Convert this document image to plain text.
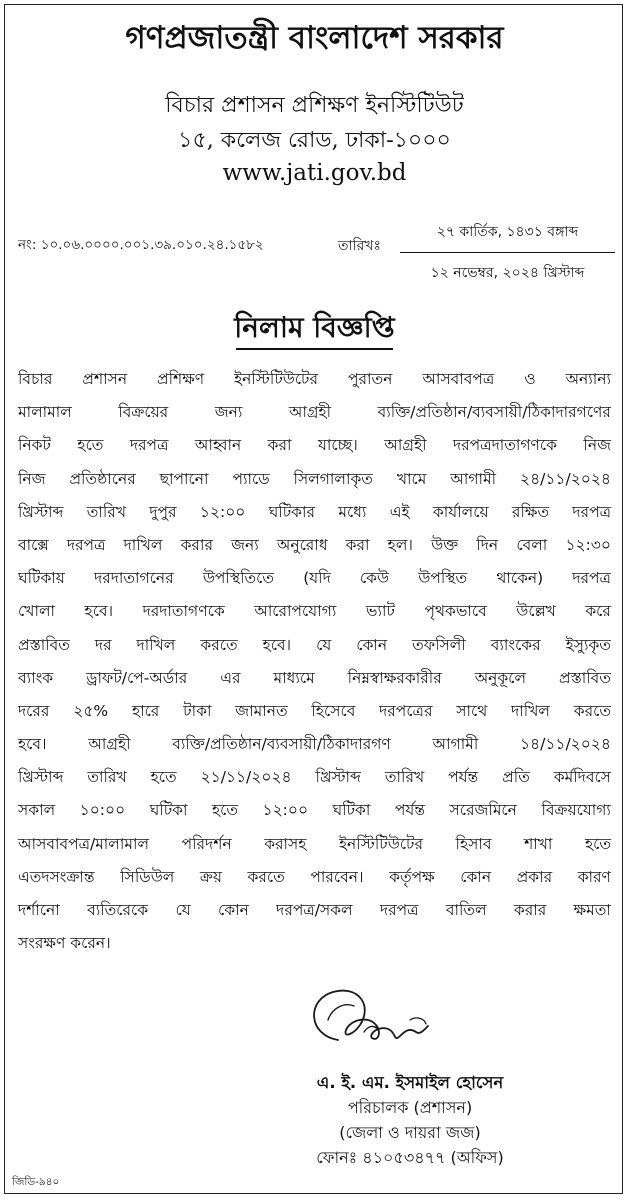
গণপ্রজাতন্ত্রী বাংলাদেশ সরকার
বিচার প্রশাসন প্রশিক্ষণ ইনস্টিটিউট
১৫, কলেজ রোড, ঢাকা-১০০০
www.jati.gov.bd
নং: ১০.০৬.০০০০.০০১.৩৯.০১০.২৪.১৫৮২	তারিখঃ
২৭ কার্তিক, ১৪৩১ বঙ্গাব্দ
১২ নভেম্বর, ২০২৪ খ্রিস্টাব্দ
নিলাম বিজ্ঞপ্তি
বিচার প্রশাসন প্রশিক্ষণ ইনস্টিটিউটের পুরাতন আসবাবপত্র ও অন্যান্য
মালামাল	বিক্রয়ের	জন্য	আগ্রহী	ব্যক্তি/প্রতিষ্ঠান/ব্যবসায়ী/ঠিকাদারগণের
নিকট হতে দরপত্র আহ্বান করা যাচ্ছে। আগ্রহী দরপত্রদাতাগণকে নিজ
নিজ প্রতিষ্ঠানের ছাপানো প্যাডে সিলগালাকৃত খামে আগামী ২৪/১১/২০২৪
খ্রিস্টাব্দ তারিখ দুপুর ১২:০০ ঘটিকার মধ্যে এই কার্যালয়ে রক্ষিত দরপত্র
বাক্সে দরপত্র দাখিল করার জন্য অনুরোধ করা হল। উক্ত দিন বেলা ১২:৩০
ঘটিকায় দরদাতাগনের উপস্থিতিতে (যদি কেউ উপস্থিত থাকেন) দরপত্র
খোলা হবে। দরদাতাগণকে আরোপযোগ্য ভ্যাট পৃথকভাবে উল্লেখ করে
প্রস্তাবিত দর দাখিল করতে হবে। যে কোন তফসিলী ব্যাংকের ইস্যুকৃত
ব্যাংক ড্রাফট/পে-অর্ডার এর মাধ্যমে নিম্নস্বাক্ষরকারীর অনুকূলে প্রস্তাবিত
দরের ২৫% হারে টাকা জামানত হিসেবে দরপত্রের সাথে দাখিল করতে
হবে।	আগ্রহী	ব্যক্তি/প্রতিষ্ঠান/ব্যবসায়ী/ঠিকাদারগণ	আগামী	১৪/১১/২০২৪
খ্রিস্টাব্দ তারিখ হতে ২১/১১/২০২৪ খ্রিস্টাব্দ তারিখ পর্যন্ত প্রতি কর্মদিবসে
সকাল ১০:০০ ঘটিকা হতে ১২:০০ ঘটিকা পর্যন্ত সরেজমিনে বিক্রয়যোগ্য
আসবাবপত্র/মালামাল পরিদর্শন করাসহ ইনস্টিটিউটের হিসাব শাখা হতে
এতদসংক্রান্ত সিডিউল ক্রয় করতে পারবেন। কর্তৃপক্ষ কোন প্রকার কারণ
দর্শানো ব্যতিরেকে যে কোন দরপত্র/সকল দরপত্র বাতিল করার ক্ষমতা
সংরক্ষণ করেন।
এ. ই. এম. ইসমাইল হোসেন
পরিচালক (প্রশাসন)
(জেলা ও দায়রা জজ)
ফোনঃ ৪১০৫৩৪৭৭ (অফিস)
জিডি-৯৪০
